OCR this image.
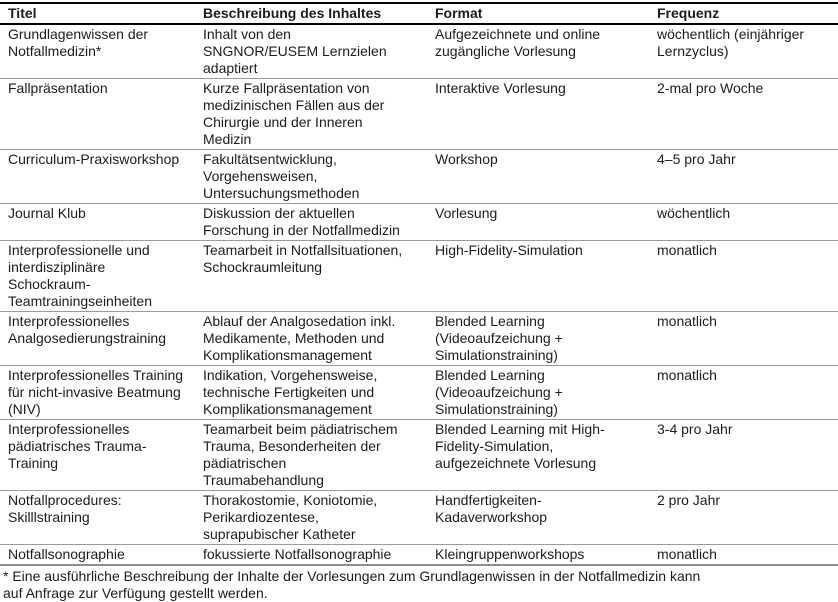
Titel	Beschreibung des Inhaltes	Format	Frequenz
Grundlagenwissen der Notfallmedizin*	Inhalt von den SNGNOR/EUSEM Lernzielen adaptiert	Aufgezeichnete und online zugängliche Vorlesung	wöchentlich (einjähriger Lernzyclus)
Fallpräsentation	Kurze Fallpräsentation von medizinischen Fällen aus der Chirurgie und der Inneren Medizin	Interaktive Vorlesung	2-mal pro Woche
Curriculum-Praxisworkshop	Fakultätsentwicklung, Vorgehensweisen, Untersuchungsmethoden	Workshop	4–5 pro Jahr
Journal Klub	Diskussion der aktuellen Forschung in der Notfallmedizin	Vorlesung	wöchentlich
Interprofessionelle und interdisziplinäre Schockraum-Teamtrainingseinheiten	Teamarbeit in Notfallsituationen, Schockraumleitung	High-Fidelity-Simulation	monatlich
Interprofessionelles Analgosedierungstraining	Ablauf der Analgosedation inkl. Medikamente, Methoden und Komplikationsmanagement	Blended Learning (Videoaufzeichung + Simulationstraining)	monatlich
Interprofessionelles Training für nicht-invasive Beatmung (NIV)	Indikation, Vorgehensweise, technische Fertigkeiten und Komplikationsmanagement	Blended Learning (Videoaufzeichung + Simulationstraining)	monatlich
Interprofessionelles pädiatrisches Trauma-Training	Teamarbeit beim pädiatrischem Trauma, Besonderheiten der pädiatrischen Traumabehandlung	Blended Learning mit High-Fidelity-Simulation, aufgezeichnete Vorlesung	3-4 pro Jahr
Notfallprocedures: Skilllstraining	Thorakostomie, Koniotomie, Perikardiozentese, suprapubischer Katheter	Handfertigkeiten-Kadaverworkshop	2 pro Jahr
Notfallsonographie	fokussierte Notfallsonographie	Kleingruppenworkshops	monatlich
* Eine ausführliche Beschreibung der Inhalte der Vorlesungen zum Grundlagenwissen in der Notfallmedizin kann
auf Anfrage zur Verfügung gestellt werden.
